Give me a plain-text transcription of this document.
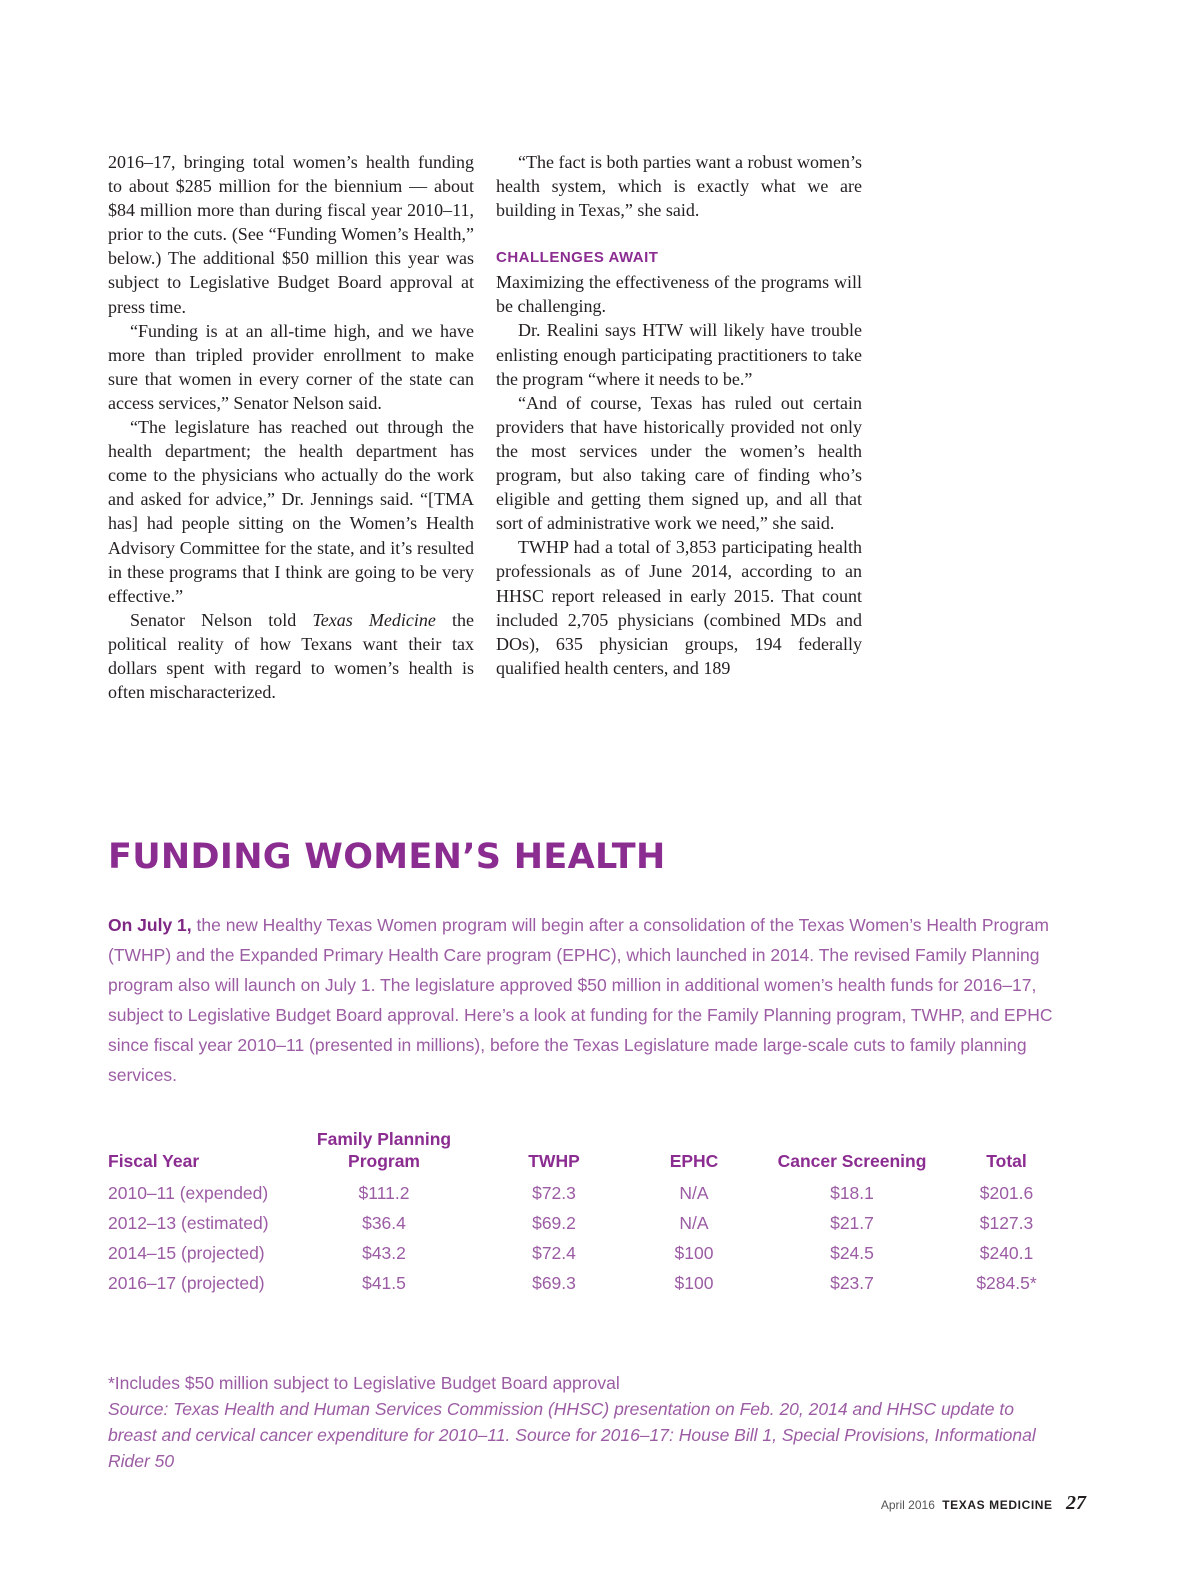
2016–17, bringing total women’s health funding to about $285 million for the biennium — about $84 million more than during fiscal year 2010–11, prior to the cuts. (See “Funding Women’s Health,” below.) The additional $50 million this year was subject to Legislative Budget Board approval at press time.

“Funding is at an all-time high, and we have more than tripled provider enrollment to make sure that women in every corner of the state can access services,” Senator Nelson said.

“The legislature has reached out through the health department; the health department has come to the physicians who actually do the work and asked for advice,” Dr. Jennings said. “[TMA has] had people sitting on the Women’s Health Advisory Committee for the state, and it’s resulted in these programs that I think are going to be very effective.”

Senator Nelson told Texas Medicine the political reality of how Texans want their tax dollars spent with regard to women’s health is often mischaracterized.

“The fact is both parties want a robust women’s health system, which is exactly what we are building in Texas,” she said.

CHALLENGES AWAIT

Maximizing the effectiveness of the programs will be challenging.

Dr. Realini says HTW will likely have trouble enlisting enough participating practitioners to take the program “where it needs to be.”

“And of course, Texas has ruled out certain providers that have historically provided not only the most services under the women’s health program, but also taking care of finding who’s eligible and getting them signed up, and all that sort of administrative work we need,” she said.

TWHP had a total of 3,853 participating health professionals as of June 2014, according to an HHSC report released in early 2015. That count included 2,705 physicians (combined MDs and DOs), 635 physician groups, 194 federally qualified health centers, and 189

FUNDING WOMEN’S HEALTH

On July 1, the new Healthy Texas Women program will begin after a consolidation of the Texas Women’s Health Program (TWHP) and the Expanded Primary Health Care program (EPHC), which launched in 2014. The revised Family Planning program also will launch on July 1. The legislature approved $50 million in additional women’s health funds for 2016–17, subject to Legislative Budget Board approval. Here’s a look at funding for the Family Planning program, TWHP, and EPHC since fiscal year 2010–11 (presented in millions), before the Texas Legislature made large-scale cuts to family planning services.

Fiscal Year	Family Planning Program	TWHP	EPHC	Cancer Screening	Total
2010–11 (expended)	$111.2	$72.3	N/A	$18.1	$201.6
2012–13 (estimated)	$36.4	$69.2	N/A	$21.7	$127.3
2014–15 (projected)	$43.2	$72.4	$100	$24.5	$240.1
2016–17 (projected)	$41.5	$69.3	$100	$23.7	$284.5*

*Includes $50 million subject to Legislative Budget Board approval

Source: Texas Health and Human Services Commission (HHSC) presentation on Feb. 20, 2014 and HHSC update to breast and cervical cancer expenditure for 2010–11. Source for 2016–17: House Bill 1, Special Provisions, Informational Rider 50

April 2016 TEXAS MEDICINE 27
